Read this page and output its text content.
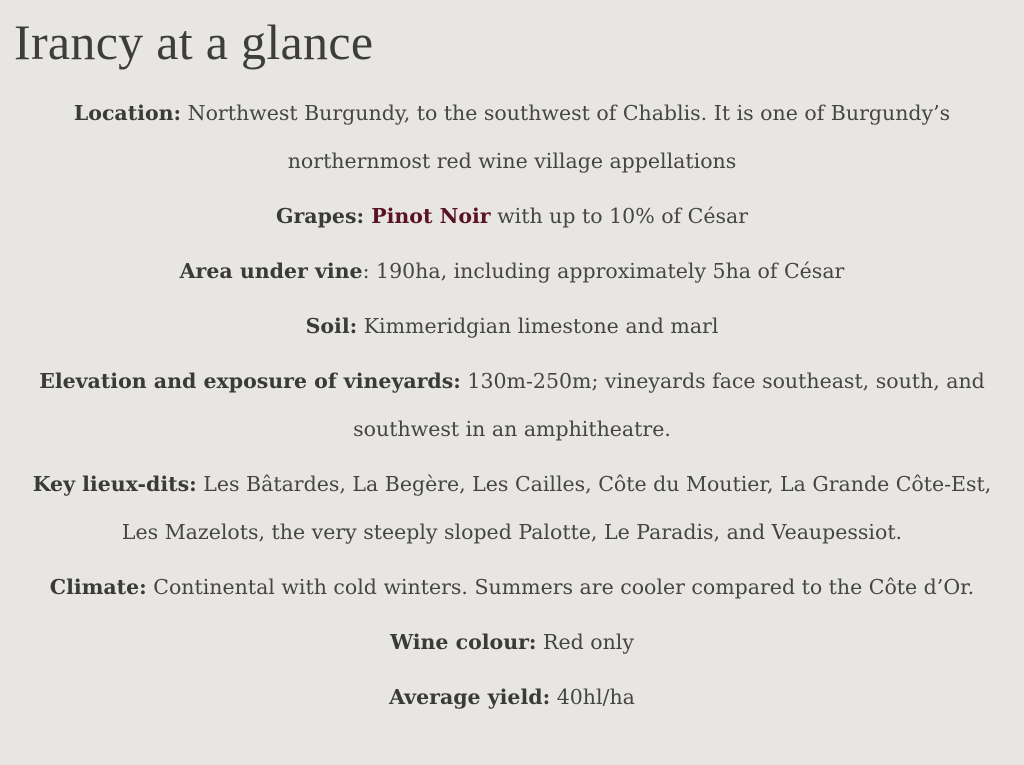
Irancy at a glance

Location: Northwest Burgundy, to the southwest of Chablis. It is one of Burgundy’s northernmost red wine village appellations

Grapes: Pinot Noir with up to 10% of César

Area under vine: 190ha, including approximately 5ha of César

Soil: Kimmeridgian limestone and marl

Elevation and exposure of vineyards: 130m-250m; vineyards face southeast, south, and southwest in an amphitheatre.

Key lieux-dits: Les Bâtardes, La Begère, Les Cailles, Côte du Moutier, La Grande Côte-Est, Les Mazelots, the very steeply sloped Palotte, Le Paradis, and Veaupessiot.

Climate: Continental with cold winters. Summers are cooler compared to the Côte d’Or.

Wine colour: Red only

Average yield: 40hl/ha
